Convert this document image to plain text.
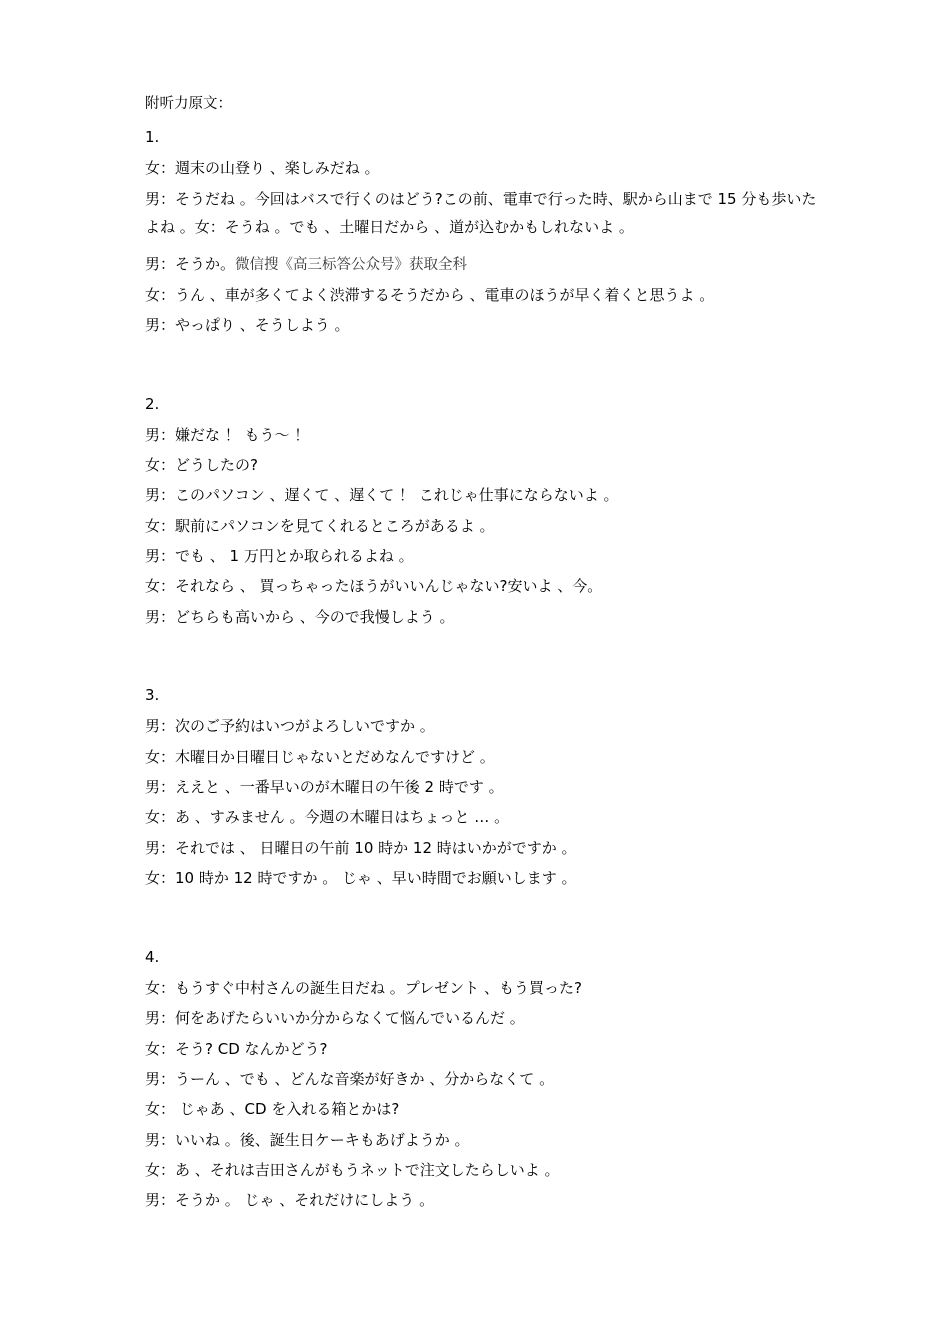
附听力原文：
1.
女：週末の山登り 、楽しみだね 。
男：そうだね 。今回はバスで行くのはどう?この前、電車で行った時、駅から山まで 15 分も歩いたよね 。女：そうね 。でも 、土曜日だから 、道が込むかもしれないよ 。
男：そうか。微信搜《高三标答公众号》获取全科
女：うん 、車が多くてよく渋滞するそうだから 、電車のほうが早く着くと思うよ 。
男：やっぱり 、そうしよう 。
2.
男：嫌だな ！ もう～ ！
女：どうしたの?
男：このパソコン 、遅くて 、遅くて ！ これじゃ仕事にならないよ 。
女：駅前にパソコンを見てくれるところがあるよ 。
男：でも 、 1 万円とか取られるよね 。
女：それなら 、 買っちゃったほうがいいんじゃない?安いよ 、今。
男：どちらも高いから 、今ので我慢しよう 。
3.
男：次のご予約はいつがよろしいですか 。
女：木曜日か日曜日じゃないとだめなんですけど 。
男：ええと 、一番早いのが木曜日の午後 2 時です 。
女：あ 、すみません 。今週の木曜日はちょっと … 。
男：それでは 、 日曜日の午前 10 時か 12 時はいかがですか 。
女：10 時か 12 時ですか 。 じゃ 、早い時間でお願いします 。
4.
女：もうすぐ中村さんの誕生日だね 。プレゼント 、もう買った?
男：何をあげたらいいか分からなくて悩んでいるんだ 。
女：そう? CD なんかどう?
男：うーん 、でも 、どんな音楽が好きか 、分からなくて 。
女： じゃあ 、CD を入れる箱とかは?
男：いいね 。後、誕生日ケーキもあげようか 。
女：あ 、それは吉田さんがもうネットで注文したらしいよ 。
男：そうか 。 じゃ 、それだけにしよう 。
